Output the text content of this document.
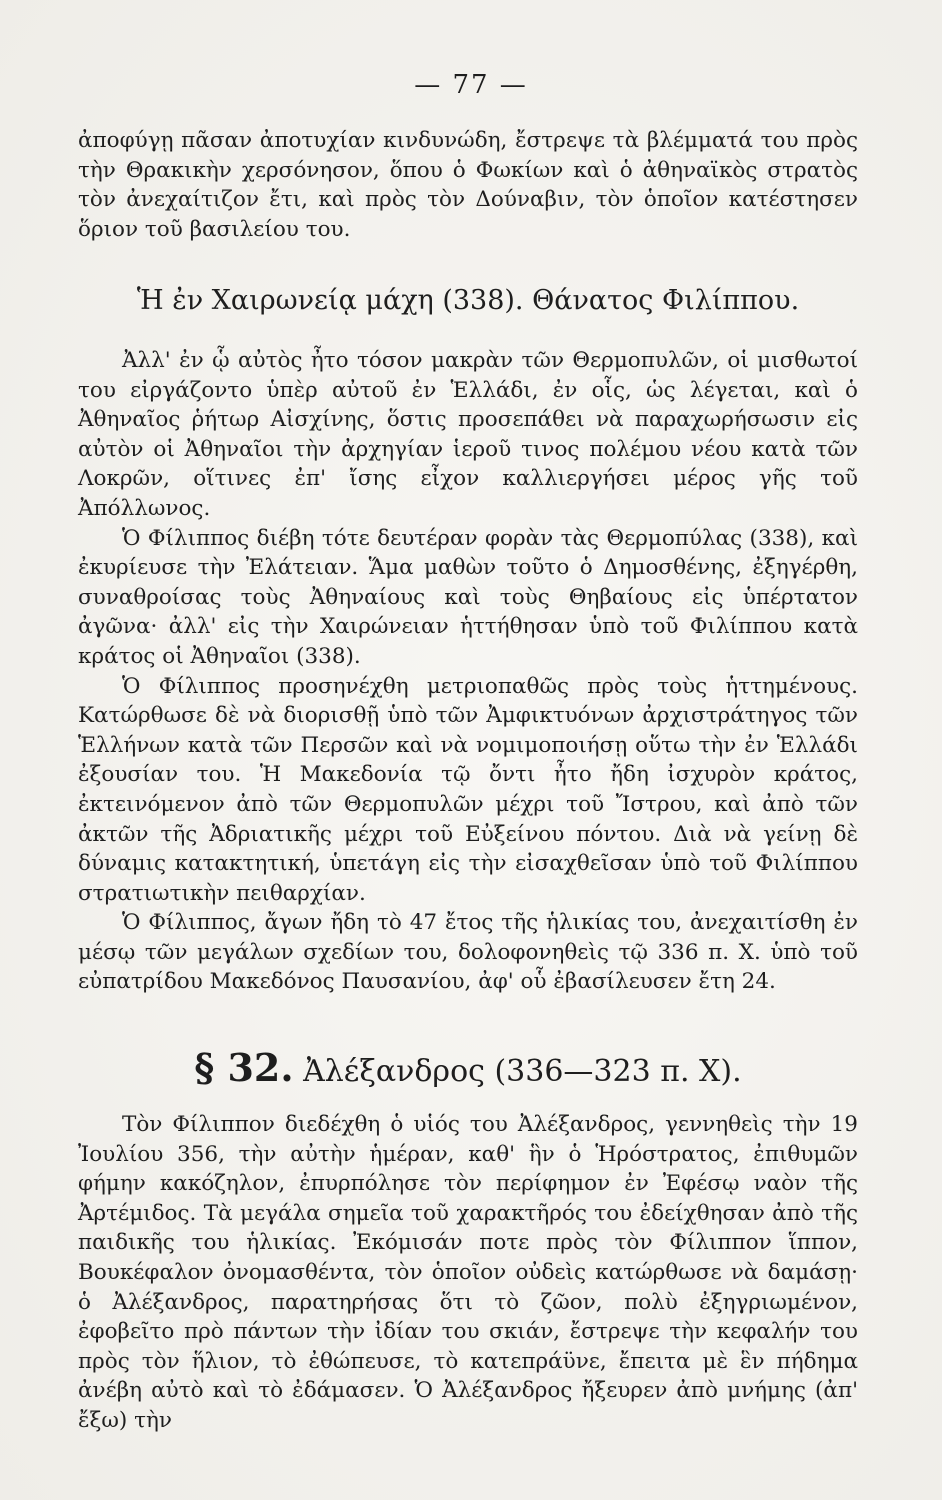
— 77 —

ἀποφύγῃ πᾶσαν ἀποτυχίαν κινδυνώδη, ἔστρεψε τὰ βλέμματά του πρὸς τὴν Θρακικὴν χερσόνησον, ὅπου ὁ Φωκίων καὶ ὁ ἀθηναϊκὸς στρατὸς τὸν ἀνεχαίτιζον ἔτι, καὶ πρὸς τὸν Δούναβιν, τὸν ὁποῖον κατέστησεν ὅριον τοῦ βασιλείου του.

Ἡ ἐν Χαιρωνείᾳ μάχη (338). Θάνατος Φιλίππου.

Ἀλλ' ἐν ᾧ αὐτὸς ἦτο τόσον μακρὰν τῶν Θερμοπυλῶν, οἱ μισθωτοί του εἰργάζοντο ὑπὲρ αὐτοῦ ἐν Ἑλλάδι, ἐν οἷς, ὡς λέγεται, καὶ ὁ Ἀθηναῖος ῥήτωρ Αἰσχίνης, ὅστις προσεπάθει νὰ παραχωρήσωσιν εἰς αὐτὸν οἱ Ἀθηναῖοι τὴν ἀρχηγίαν ἱεροῦ τινος πολέμου νέου κατὰ τῶν Λοκρῶν, οἵτινες ἐπ' ἴσης εἶχον καλλιεργήσει μέρος γῆς τοῦ Ἀπόλλωνος.

Ὁ Φίλιππος διέβη τότε δευτέραν φορὰν τὰς Θερμοπύλας (338), καὶ ἐκυρίευσε τὴν Ἐλάτειαν. Ἅμα μαθὼν τοῦτο ὁ Δημοσθένης, ἐξηγέρθη, συναθροίσας τοὺς Ἀθηναίους καὶ τοὺς Θηβαίους εἰς ὑπέρτατον ἀγῶνα· ἀλλ' εἰς τὴν Χαιρώνειαν ἡττήθησαν ὑπὸ τοῦ Φιλίππου κατὰ κράτος οἱ Ἀθηναῖοι (338).

Ὁ Φίλιππος προσηνέχθη μετριοπαθῶς πρὸς τοὺς ἡττημένους. Κατώρθωσε δὲ νὰ διορισθῇ ὑπὸ τῶν Ἀμφικτυόνων ἀρχιστράτηγος τῶν Ἑλλήνων κατὰ τῶν Περσῶν καὶ νὰ νομιμοποιήσῃ οὕτω τὴν ἐν Ἑλλάδι ἐξουσίαν του. Ἡ Μακεδονία τῷ ὄντι ἦτο ἤδη ἰσχυρὸν κράτος, ἐκτεινόμενον ἀπὸ τῶν Θερμοπυλῶν μέχρι τοῦ Ἴστρου, καὶ ἀπὸ τῶν ἀκτῶν τῆς Ἀδριατικῆς μέχρι τοῦ Εὐξείνου πόντου. Διὰ νὰ γείνῃ δὲ δύναμις κατακτητική, ὑπετάγη εἰς τὴν εἰσαχθεῖσαν ὑπὸ τοῦ Φιλίππου στρατιωτικὴν πειθαρχίαν.

Ὁ Φίλιππος, ἄγων ἤδη τὸ 47 ἔτος τῆς ἡλικίας του, ἀνεχαιτίσθη ἐν μέσῳ τῶν μεγάλων σχεδίων του, δολοφονηθεὶς τῷ 336 π. Χ. ὑπὸ τοῦ εὐπατρίδου Μακεδόνος Παυσανίου, ἀφ' οὗ ἐβασίλευσεν ἔτη 24.

§ 32. Ἀλέξανδρος (336—323 π. Χ).

Τὸν Φίλιππον διεδέχθη ὁ υἱός του Ἀλέξανδρος, γεννηθεὶς τὴν 19 Ἰουλίου 356, τὴν αὐτὴν ἡμέραν, καθ' ἣν ὁ Ἡρόστρατος, ἐπιθυμῶν φήμην κακόζηλον, ἐπυρπόλησε τὸν περίφημον ἐν Ἐφέσῳ ναὸν τῆς Ἀρτέμιδος. Τὰ μεγάλα σημεῖα τοῦ χαρακτῆρός του ἐδείχθησαν ἀπὸ τῆς παιδικῆς του ἡλικίας. Ἐκόμισάν ποτε πρὸς τὸν Φίλιππον ἵππον, Βουκέφαλον ὀνομασθέντα, τὸν ὁποῖον οὐδεὶς κατώρθωσε νὰ δαμάσῃ· ὁ Ἀλέξανδρος, παρατηρήσας ὅτι τὸ ζῶον, πολὺ ἐξηγριωμένον, ἐφοβεῖτο πρὸ πάντων τὴν ἰδίαν του σκιάν, ἔστρεψε τὴν κεφαλήν του πρὸς τὸν ἥλιον, τὸ ἐθώπευσε, τὸ κατεπράϋνε, ἔπειτα μὲ ἓν πήδημα ἀνέβη αὐτὸ καὶ τὸ ἐδάμασεν. Ὁ Ἀλέξανδρος ἤξευρεν ἀπὸ μνήμης (ἀπ' ἔξω) τὴν
